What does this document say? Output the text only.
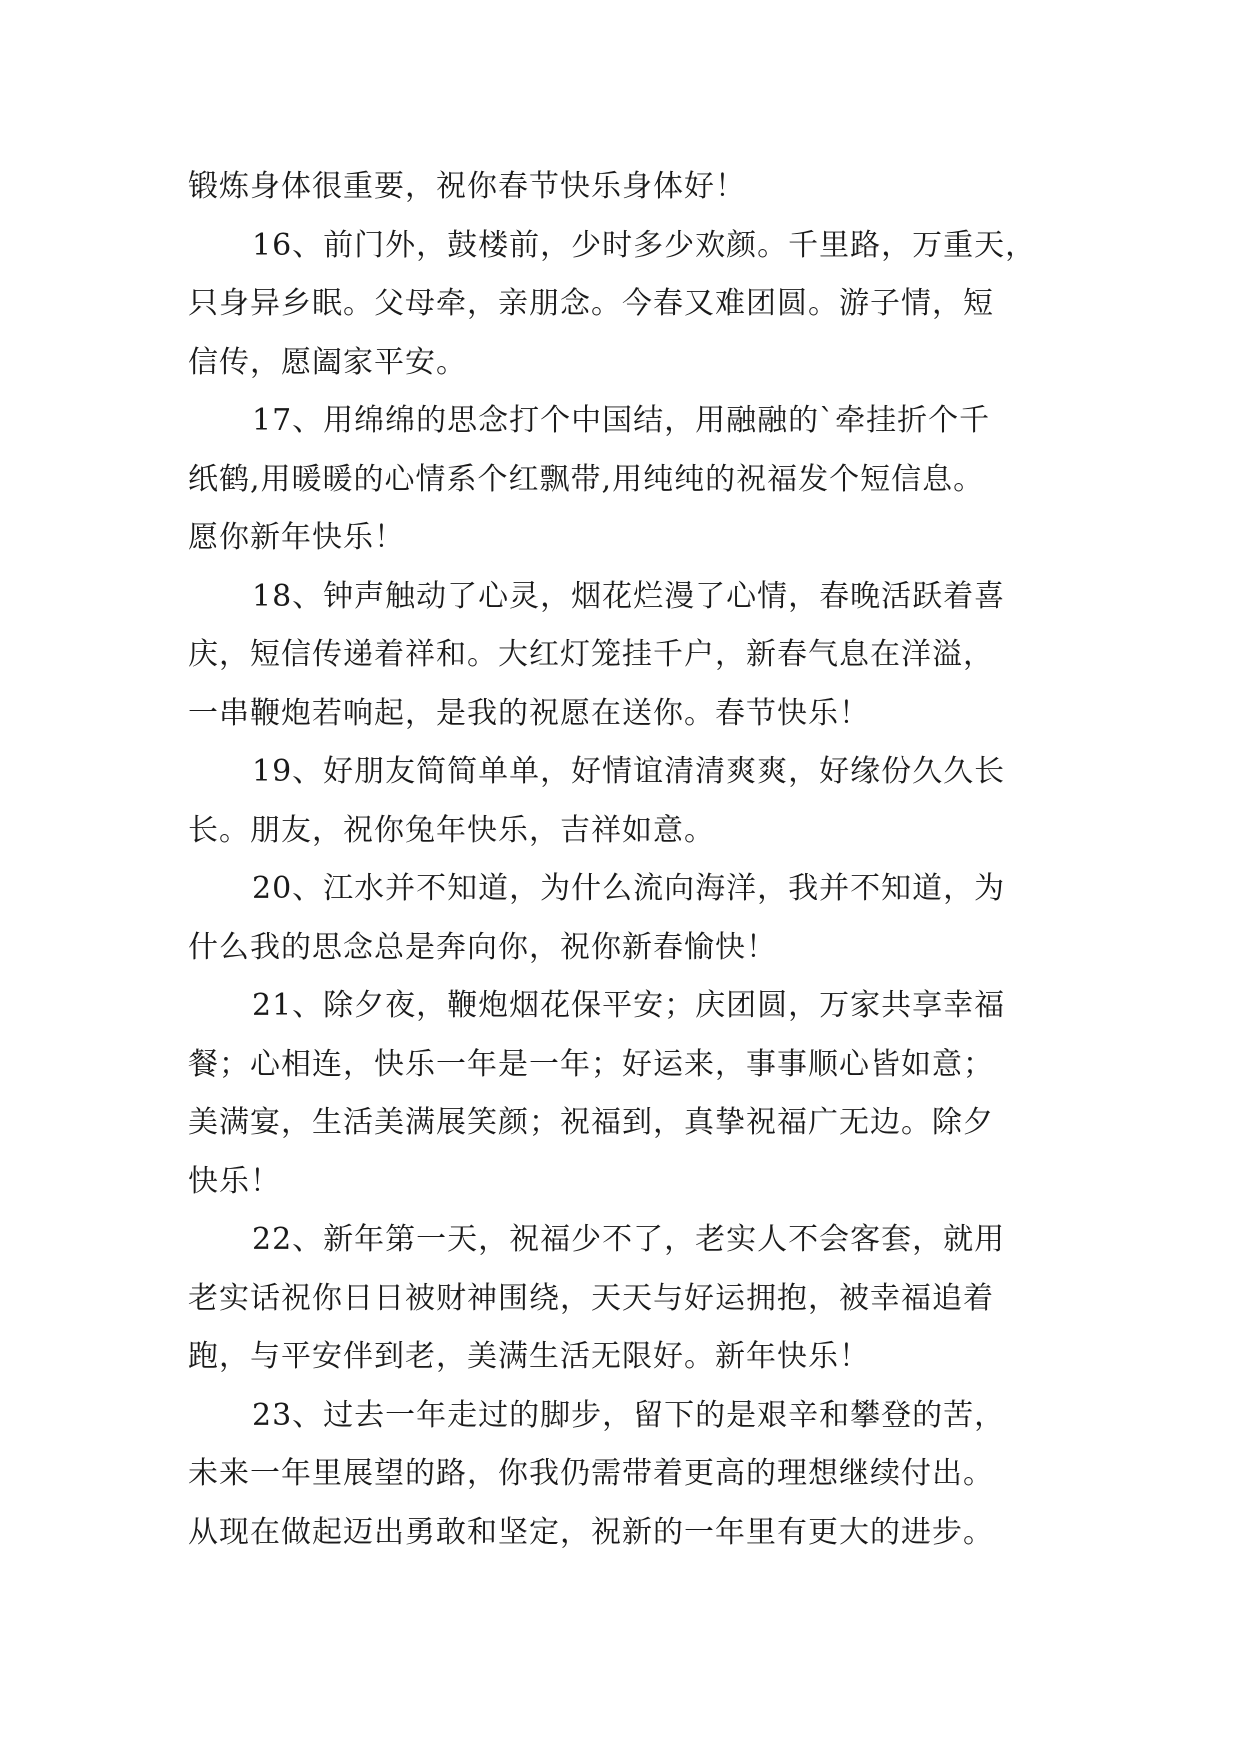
锻炼身体很重要，祝你春节快乐身体好！
16、前门外，鼓楼前，少时多少欢颜。千里路，万重天，
只身异乡眠。父母牵，亲朋念。今春又难团圆。游子情，短
信传，愿阖家平安。
17、用绵绵的思念打个中国结，用融融的`牵挂折个千
纸鹤,用暖暖的心情系个红飘带,用纯纯的祝福发个短信息。
愿你新年快乐！
18、钟声触动了心灵，烟花烂漫了心情，春晚活跃着喜
庆，短信传递着祥和。大红灯笼挂千户，新春气息在洋溢，
一串鞭炮若响起，是我的祝愿在送你。春节快乐！
19、好朋友简简单单，好情谊清清爽爽，好缘份久久长
长。朋友，祝你兔年快乐，吉祥如意。
20、江水并不知道，为什么流向海洋，我并不知道，为
什么我的思念总是奔向你，祝你新春愉快！
21、除夕夜，鞭炮烟花保平安；庆团圆，万家共享幸福
餐；心相连，快乐一年是一年；好运来，事事顺心皆如意；
美满宴，生活美满展笑颜；祝福到，真挚祝福广无边。除夕
快乐！
22、新年第一天，祝福少不了，老实人不会客套，就用
老实话祝你日日被财神围绕，天天与好运拥抱，被幸福追着
跑，与平安伴到老，美满生活无限好。新年快乐！
23、过去一年走过的脚步，留下的是艰辛和攀登的苦，
未来一年里展望的路，你我仍需带着更高的理想继续付出。
从现在做起迈出勇敢和坚定，祝新的一年里有更大的进步。
